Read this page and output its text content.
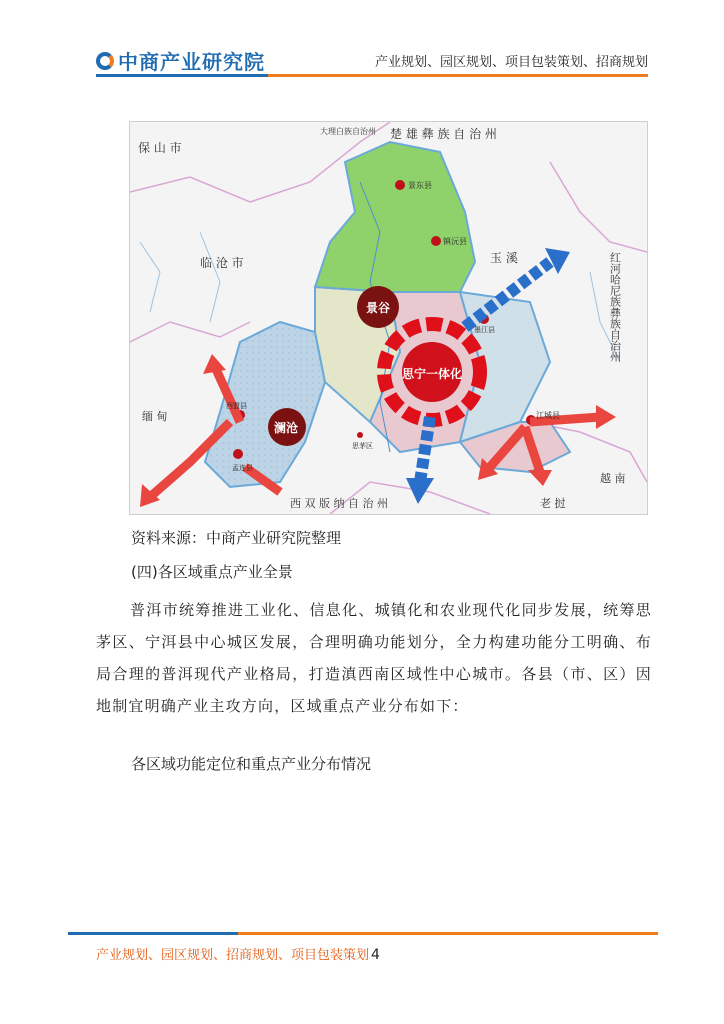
中商产业研究院	产业规划、园区规划、项目包装策划、招商规划
大理白族自治州 楚 雄 彝 族 自 治 州
保 山 市
临 沧 市	玉 溪	红河哈尼族彝族自治州
缅 甸
西 双 版 纳 自 治 州	老 挝
越 南
景东县
镇沅县
景谷
澜沧
思宁一体化
墨江县
江城县
西盟县
孟连县
思茅区
资料来源：中商产业研究院整理
(四)各区域重点产业全景
普洱市统筹推进工业化、信息化、城镇化和农业现代化同步发展，统筹思茅区、宁洱县中心城区发展，合理明确功能划分，全力构建功能分工明确、布局合理的普洱现代产业格局，打造滇西南区域性中心城市。各县（市、区）因地制宜明确产业主攻方向，区域重点产业分布如下：
各区域功能定位和重点产业分布情况
产业规划、园区规划、招商规划、项目包装策划 4
